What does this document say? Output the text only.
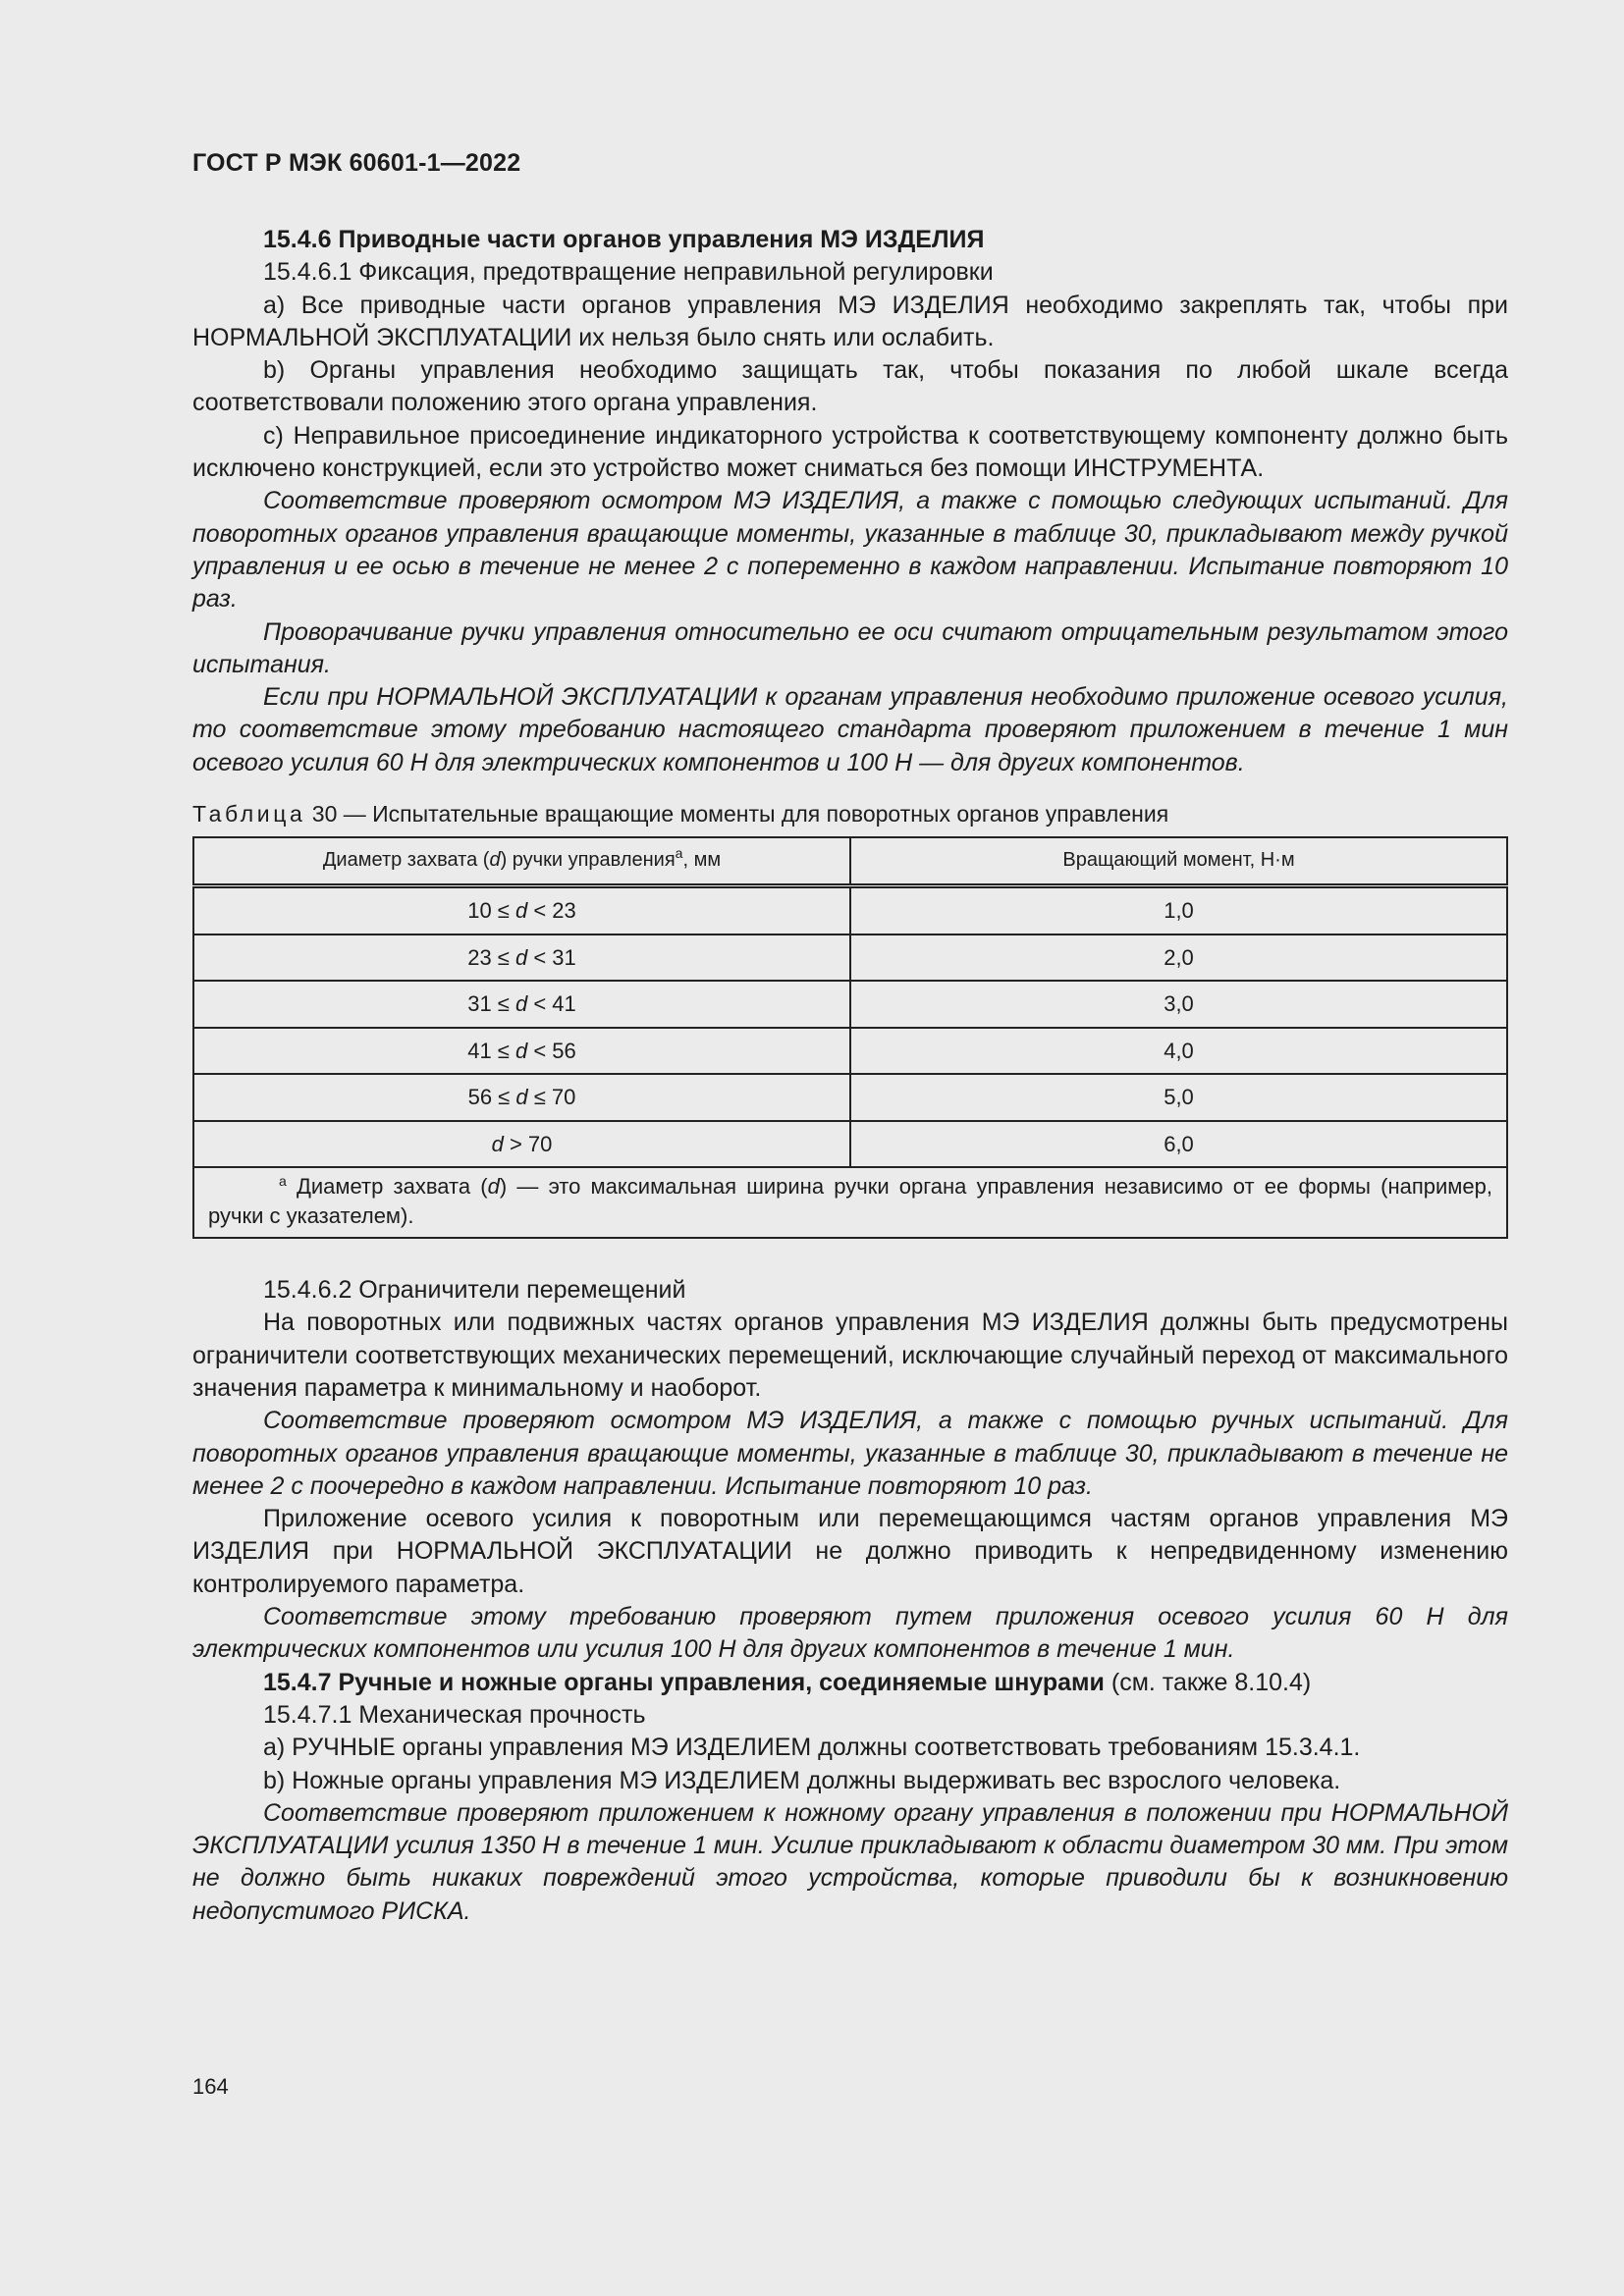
ГОСТ Р МЭК 60601-1—2022

15.4.6 Приводные части органов управления МЭ ИЗДЕЛИЯ

15.4.6.1 Фиксация, предотвращение неправильной регулировки

a) Все приводные части органов управления МЭ ИЗДЕЛИЯ необходимо закреплять так, чтобы при НОРМАЛЬНОЙ ЭКСПЛУАТАЦИИ их нельзя было снять или ослабить.

b) Органы управления необходимо защищать так, чтобы показания по любой шкале всегда соответствовали положению этого органа управления.

c) Неправильное присоединение индикаторного устройства к соответствующему компоненту должно быть исключено конструкцией, если это устройство может сниматься без помощи ИНСТРУМЕНТА.

Соответствие проверяют осмотром МЭ ИЗДЕЛИЯ, а также с помощью следующих испытаний. Для поворотных органов управления вращающие моменты, указанные в таблице 30, прикладывают между ручкой управления и ее осью в течение не менее 2 с попеременно в каждом направлении. Испытание повторяют 10 раз.

Проворачивание ручки управления относительно ее оси считают отрицательным результатом этого испытания.

Если при НОРМАЛЬНОЙ ЭКСПЛУАТАЦИИ к органам управления необходимо приложение осевого усилия, то соответствие этому требованию настоящего стандарта проверяют приложением в течение 1 мин осевого усилия 60 Н для электрических компонентов и 100 Н — для других компонентов.

Таблица 30 — Испытательные вращающие моменты для поворотных органов управления
Диаметр захвата (d) ручки управления$^a$, мм	Вращающий момент, Н·м
10 ≤ d < 23	1,0
23 ≤ d < 31	2,0
31 ≤ d < 41	3,0
41 ≤ d < 56	4,0
56 ≤ d ≤ 70	5,0
d > 70	6,0
$^a$ Диаметр захвата (d) — это максимальная ширина ручки органа управления независимо от ее формы (например, ручки с указателем).	

15.4.6.2 Ограничители перемещений

На поворотных или подвижных частях органов управления МЭ ИЗДЕЛИЯ должны быть предусмотрены ограничители соответствующих механических перемещений, исключающие случайный переход от максимального значения параметра к минимальному и наоборот.

Соответствие проверяют осмотром МЭ ИЗДЕЛИЯ, а также с помощью ручных испытаний. Для поворотных органов управления вращающие моменты, указанные в таблице 30, прикладывают в течение не менее 2 с поочередно в каждом направлении. Испытание повторяют 10 раз.

Приложение осевого усилия к поворотным или перемещающимся частям органов управления МЭ ИЗДЕЛИЯ при НОРМАЛЬНОЙ ЭКСПЛУАТАЦИИ не должно приводить к непредвиденному изменению контролируемого параметра.

Соответствие этому требованию проверяют путем приложения осевого усилия 60 Н для электрических компонентов или усилия 100 Н для других компонентов в течение 1 мин.

15.4.7 Ручные и ножные органы управления, соединяемые шнурами (см. также 8.10.4)

15.4.7.1 Механическая прочность

a) РУЧНЫЕ органы управления МЭ ИЗДЕЛИЕМ должны соответствовать требованиям 15.3.4.1.

b) Ножные органы управления МЭ ИЗДЕЛИЕМ должны выдерживать вес взрослого человека.

Соответствие проверяют приложением к ножному органу управления в положении при НОРМАЛЬНОЙ ЭКСПЛУАТАЦИИ усилия 1350 Н в течение 1 мин. Усилие прикладывают к области диаметром 30 мм. При этом не должно быть никаких повреждений этого устройства, которые приводили бы к возникновению недопустимого РИСКА.

164
